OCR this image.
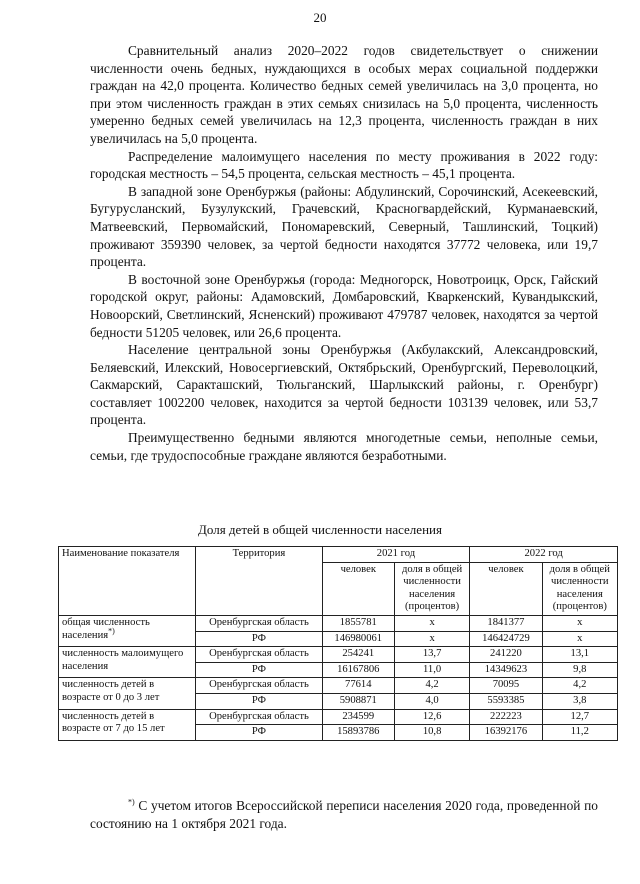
20

Сравнительный анализ 2020–2022 годов свидетельствует о снижении численности очень бедных, нуждающихся в особых мерах социальной поддержки граждан на 42,0 процента. Количество бедных семей увеличилась на 3,0 процента, но при этом численность граждан в этих семьях снизилась на 5,0 процента, численность умеренно бедных семей увеличилась на 12,3 процента, численность граждан в них увеличилась на 5,0 процента.

Распределение малоимущего населения по месту проживания в 2022 году: городская местность – 54,5 процента, сельская местность – 45,1 процента.

В западной зоне Оренбуржья (районы: Абдулинский, Сорочинский, Асекеевский, Бугурусланский, Бузулукский, Грачевский, Красногвардейский, Курманаевский, Матвеевский, Первомайский, Пономаревский, Северный, Ташлинский, Тоцкий) проживают 359390 человек, за чертой бедности находятся 37772 человека, или 19,7 процента.

В восточной зоне Оренбуржья (города: Медногорск, Новотроицк, Орск, Гайский городской округ, районы: Адамовский, Домбаровский, Кваркенский, Кувандыкский, Новоорский, Светлинский, Ясненский) проживают 479787 человек, находятся за чертой бедности 51205 человек, или 26,6 процента.

Население центральной зоны Оренбуржья (Акбулакский, Александровский, Беляевский, Илекский, Новосергиевский, Октябрьский, Оренбургский, Переволоцкий, Сакмарский, Саракташский, Тюльганский, Шарлыкский районы, г. Оренбург) составляет 1002200 человек, находится за чертой бедности 103139 человек, или 53,7 процента.

Преимущественно бедными являются многодетные семьи, неполные семьи, семьи, где трудоспособные граждане являются безработными.

Доля детей в общей численности населения
Наименование показателя	Территория	2021 год		2022 год	
		человек	доля в общей численности населения (процентов)	человек	доля в общей численности населения (процентов)
общая численность населения*)	Оренбургская область	1855781	х	1841377	х
	РФ	146980061	х	146424729	х
численность малоимущего населения	Оренбургская область	254241	13,7	241220	13,1
	РФ	16167806	11,0	14349623	9,8
численность детей в возрасте от 0 до 3 лет	Оренбургская область	77614	4,2	70095	4,2
	РФ	5908871	4,0	5593385	3,8
численность детей в возрасте от 7 до 15 лет	Оренбургская область	234599	12,6	222223	12,7
	РФ	15893786	10,8	16392176	11,2
*) С учетом итогов Всероссийской переписи населения 2020 года, проведенной по состоянию на 1 октября 2021 года.
